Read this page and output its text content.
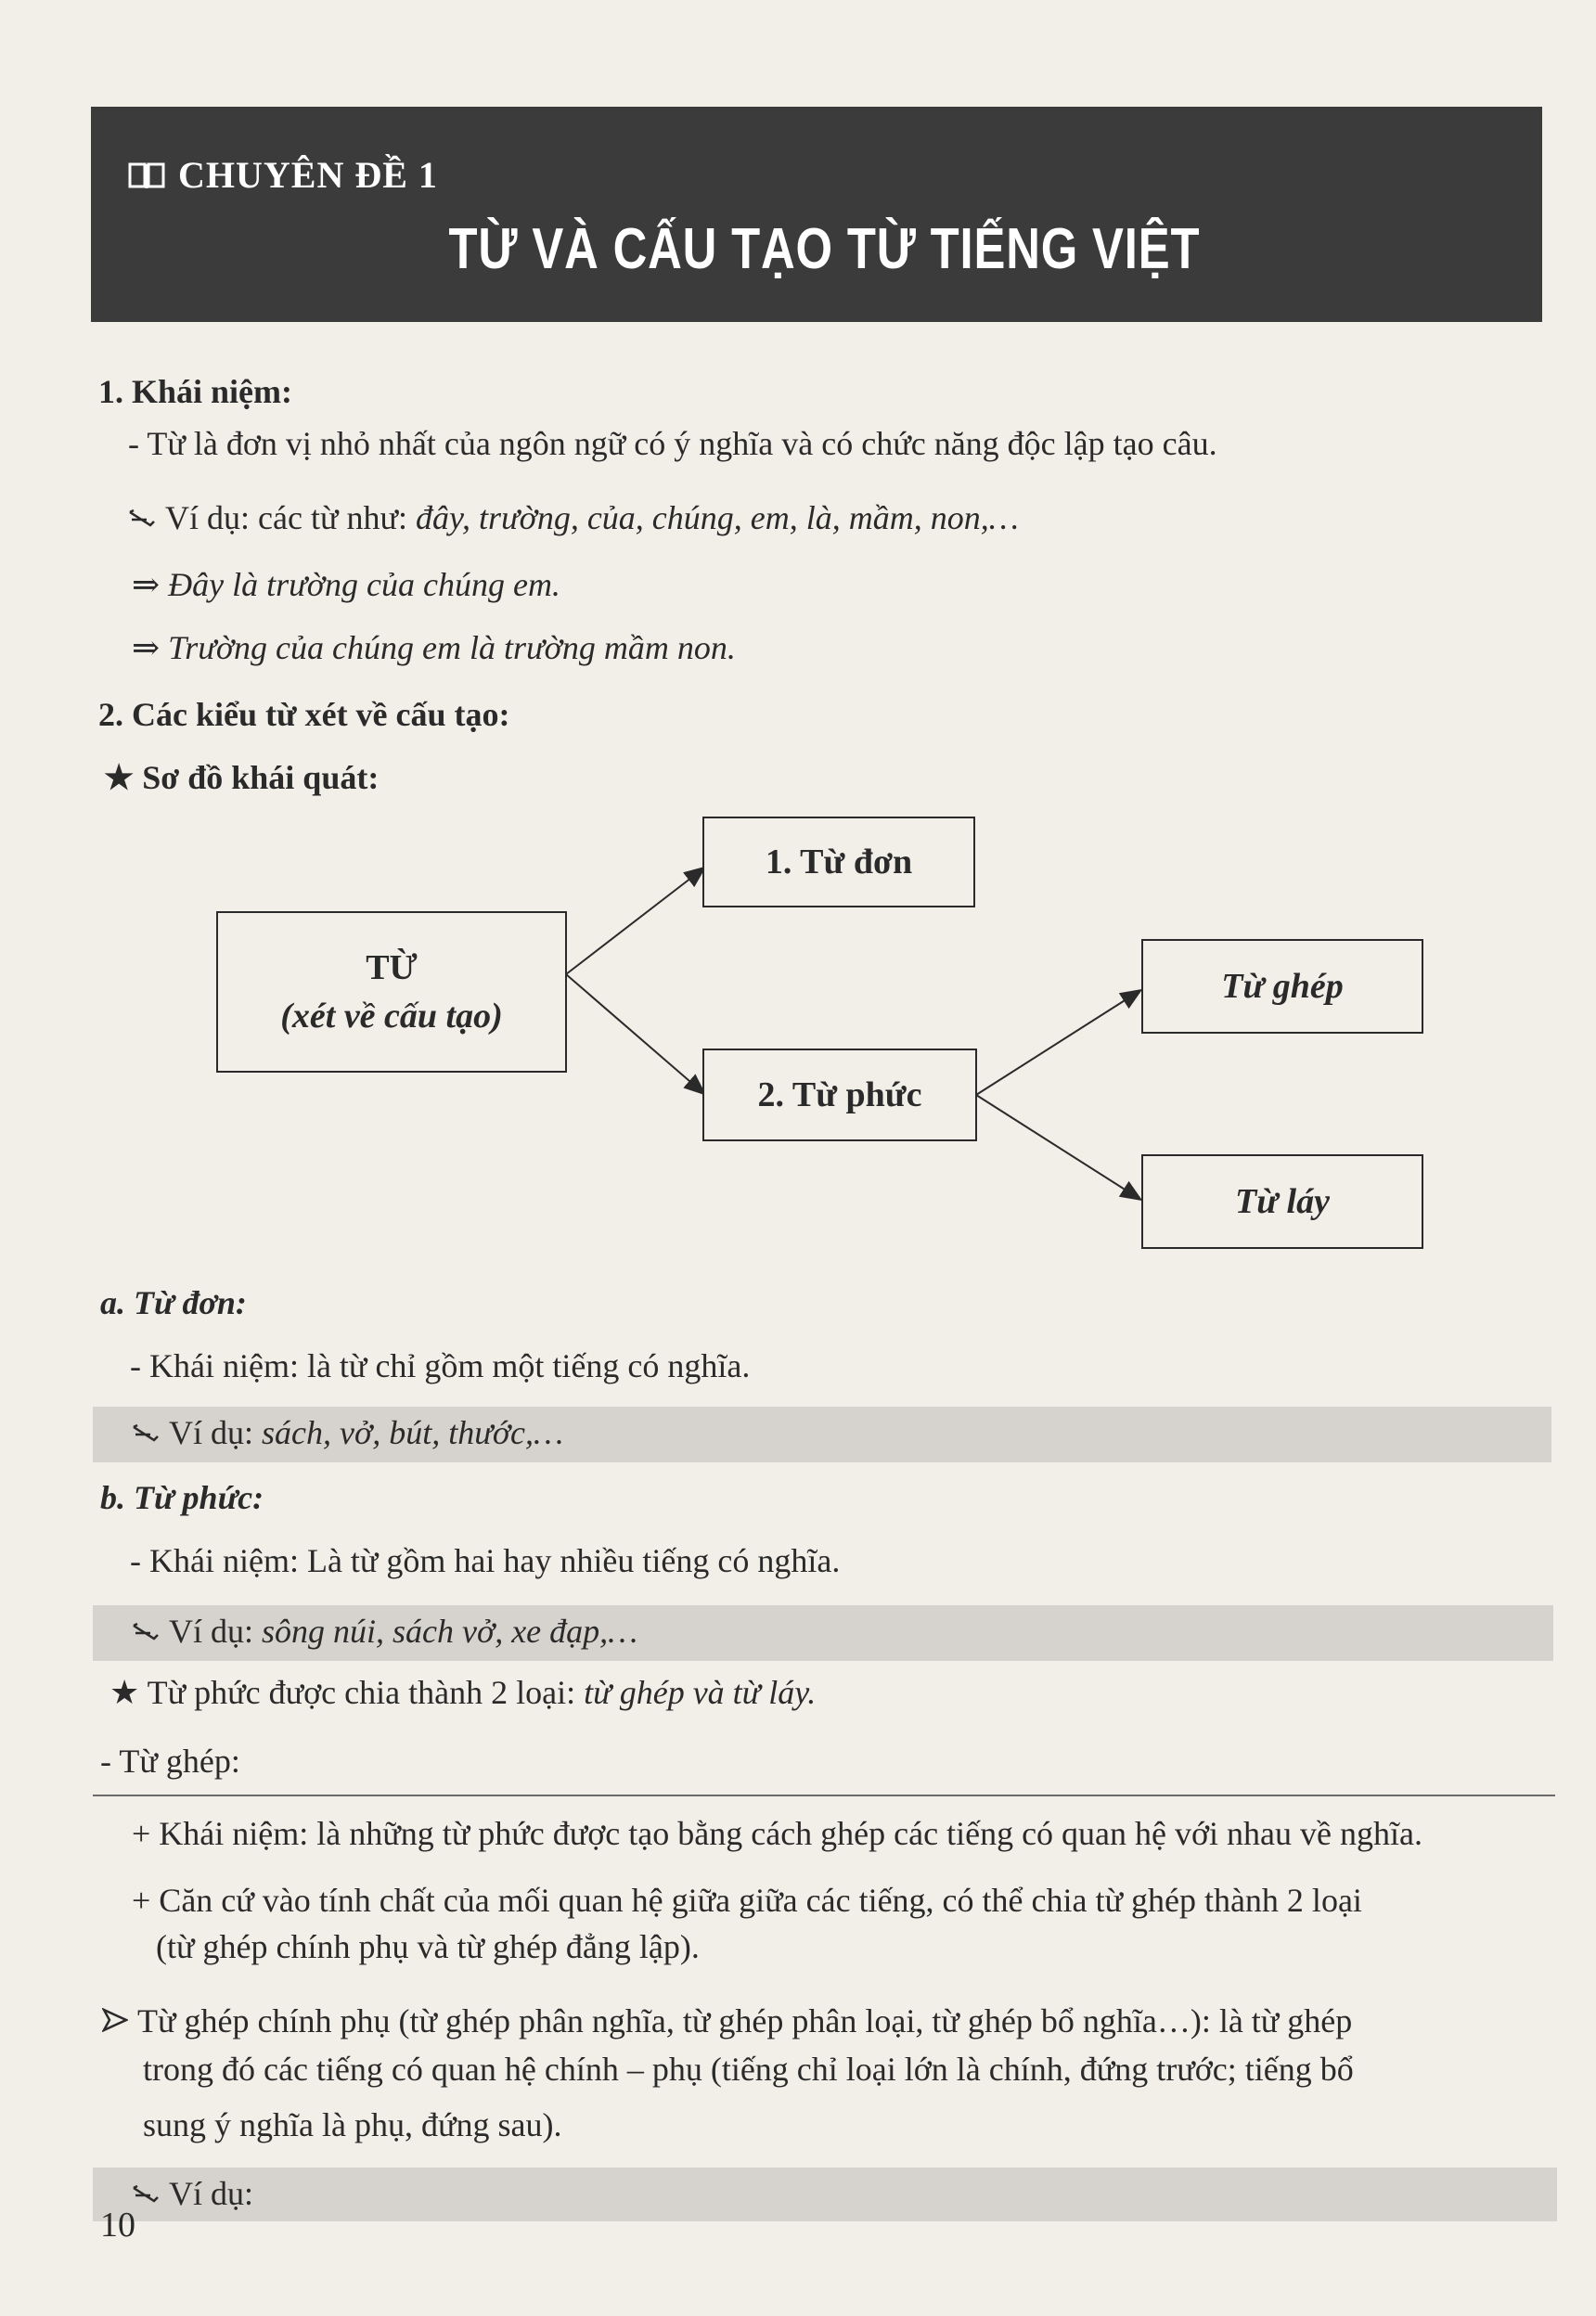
CHUYÊN ĐỀ 1
TỪ VÀ CẤU TẠO TỪ TIẾNG VIỆT
1. Khái niệm:
- Từ là đơn vị nhỏ nhất của ngôn ngữ có ý nghĩa và có chức năng độc lập tạo câu.
Ví dụ: các từ như: đây, trường, của, chúng, em, là, mầm, non,…
⇒ Đây là trường của chúng em.
⇒ Trường của chúng em là trường mầm non.
2. Các kiểu từ xét về cấu tạo:
★ Sơ đồ khái quát:
TỪ
(xét về cấu tạo)
1. Từ đơn
2. Từ phức
Từ ghép
Từ láy
a. Từ đơn:
- Khái niệm: là từ chỉ gồm một tiếng có nghĩa.
Ví dụ: sách, vở, bút, thước,…
b. Từ phức:
- Khái niệm: Là từ gồm hai hay nhiều tiếng có nghĩa.
Ví dụ: sông núi, sách vở, xe đạp,…
★ Từ phức được chia thành 2 loại: từ ghép và từ láy.
- Từ ghép:
+ Khái niệm: là những từ phức được tạo bằng cách ghép các tiếng có quan hệ với nhau về nghĩa.
+ Căn cứ vào tính chất của mối quan hệ giữa giữa các tiếng, có thể chia từ ghép thành 2 loại
(từ ghép chính phụ và từ ghép đẳng lập).
Từ ghép chính phụ (từ ghép phân nghĩa, từ ghép phân loại, từ ghép bổ nghĩa…): là từ ghép
trong đó các tiếng có quan hệ chính – phụ (tiếng chỉ loại lớn là chính, đứng trước; tiếng bổ
sung ý nghĩa là phụ, đứng sau).
Ví dụ:
10
